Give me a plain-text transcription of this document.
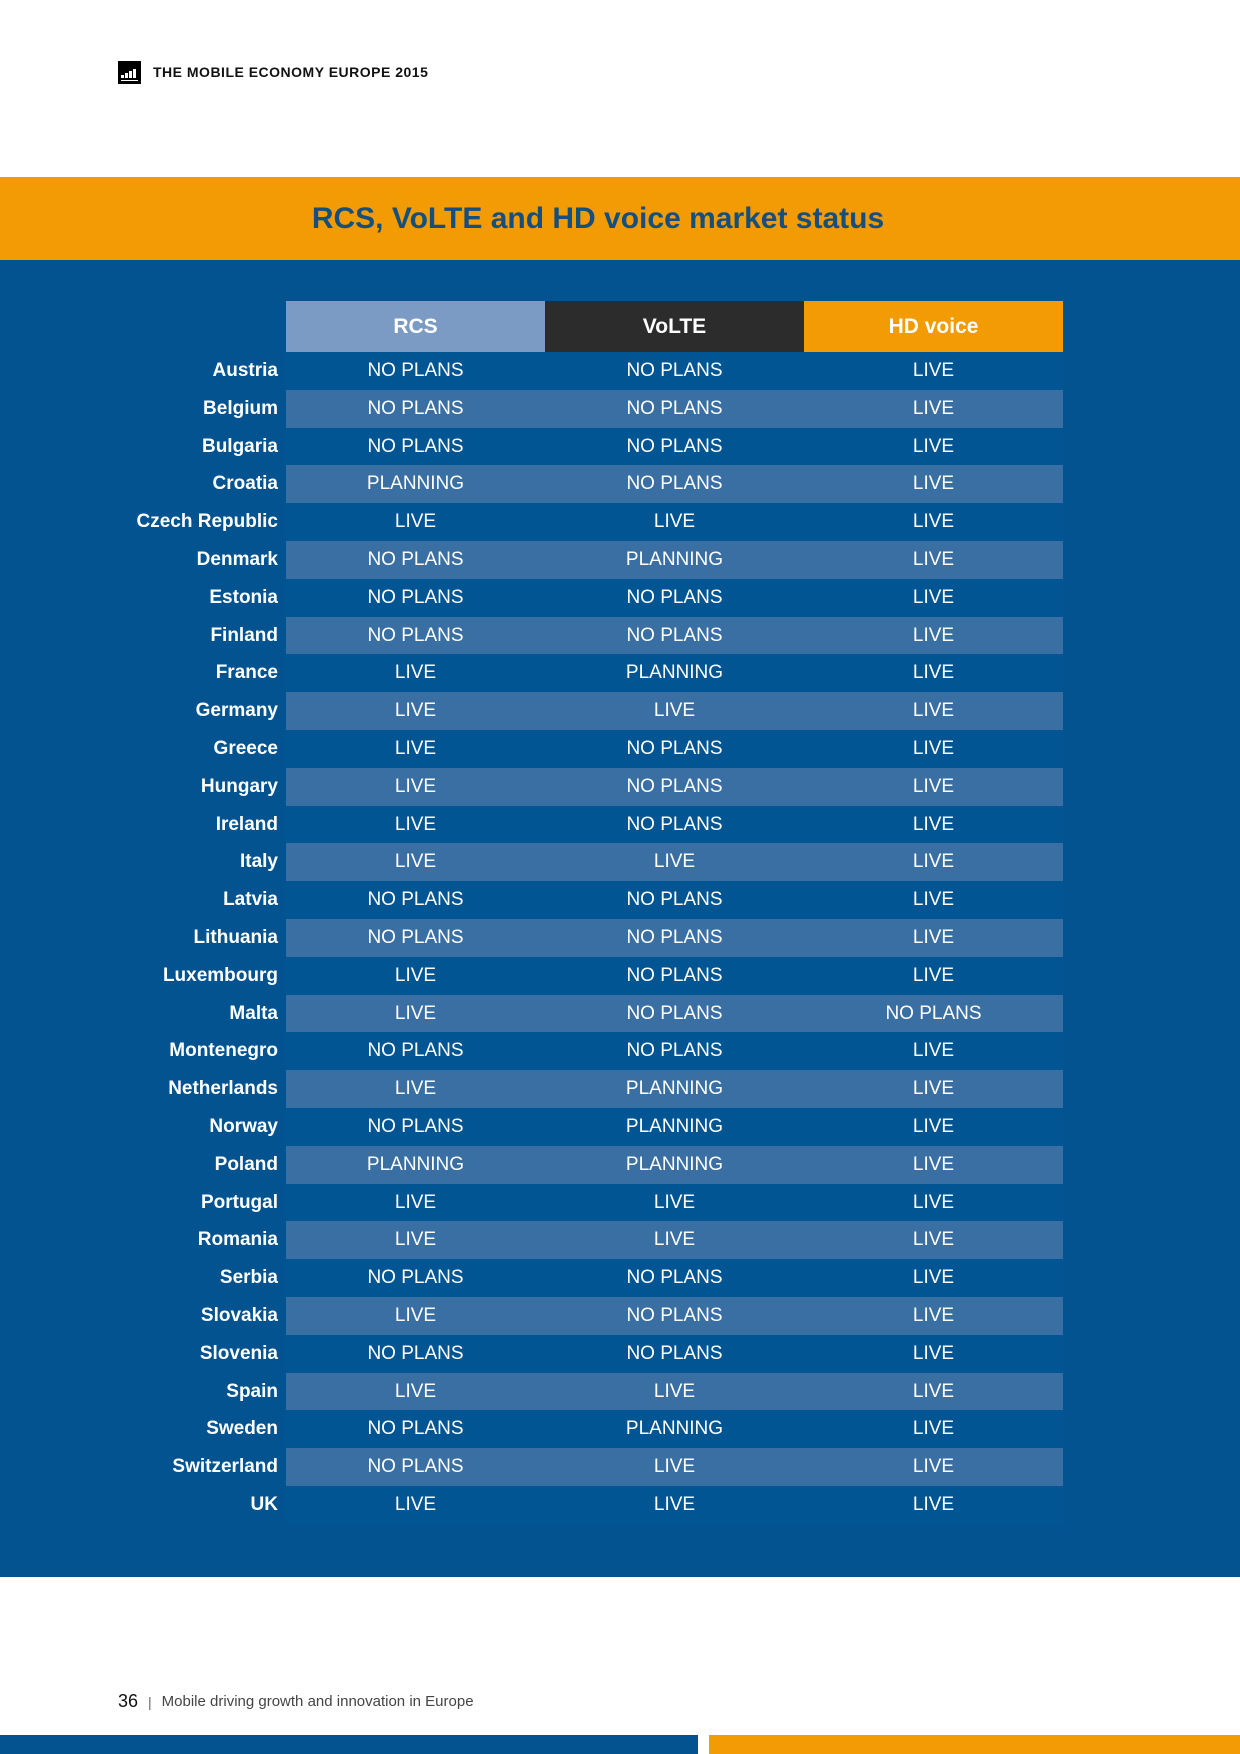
THE MOBILE ECONOMY EUROPE 2015
RCS, VoLTE and HD voice market status
RCS	VoLTE	HD voice
Austria	NO PLANS	NO PLANS	LIVE
Belgium	NO PLANS	NO PLANS	LIVE
Bulgaria	NO PLANS	NO PLANS	LIVE
Croatia	PLANNING	NO PLANS	LIVE
Czech Republic	LIVE	LIVE	LIVE
Denmark	NO PLANS	PLANNING	LIVE
Estonia	NO PLANS	NO PLANS	LIVE
Finland	NO PLANS	NO PLANS	LIVE
France	LIVE	PLANNING	LIVE
Germany	LIVE	LIVE	LIVE
Greece	LIVE	NO PLANS	LIVE
Hungary	LIVE	NO PLANS	LIVE
Ireland	LIVE	NO PLANS	LIVE
Italy	LIVE	LIVE	LIVE
Latvia	NO PLANS	NO PLANS	LIVE
Lithuania	NO PLANS	NO PLANS	LIVE
Luxembourg	LIVE	NO PLANS	LIVE
Malta	LIVE	NO PLANS	NO PLANS
Montenegro	NO PLANS	NO PLANS	LIVE
Netherlands	LIVE	PLANNING	LIVE
Norway	NO PLANS	PLANNING	LIVE
Poland	PLANNING	PLANNING	LIVE
Portugal	LIVE	LIVE	LIVE
Romania	LIVE	LIVE	LIVE
Serbia	NO PLANS	NO PLANS	LIVE
Slovakia	LIVE	NO PLANS	LIVE
Slovenia	NO PLANS	NO PLANS	LIVE
Spain	LIVE	LIVE	LIVE
Sweden	NO PLANS	PLANNING	LIVE
Switzerland	NO PLANS	LIVE	LIVE
UK	LIVE	LIVE	LIVE
36 | Mobile driving growth and innovation in Europe
